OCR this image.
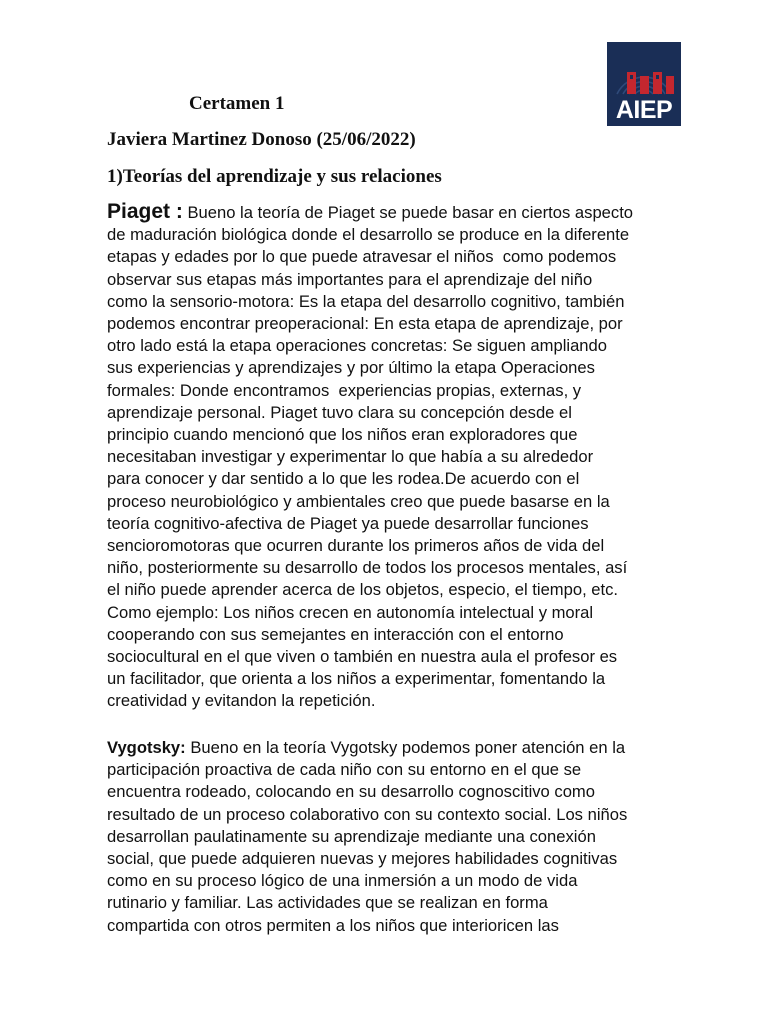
AIEP
Certamen 1
Javiera Martinez Donoso (25/06/2022)
1)Teorías del aprendizaje y sus relaciones
Piaget : Bueno la teoría de Piaget se puede basar en ciertos aspecto
de maduración biológica donde el desarrollo se produce en la diferente
etapas y edades por lo que puede atravesar el niños  como podemos
observar sus etapas más importantes para el aprendizaje del niño
como la sensorio-motora: Es la etapa del desarrollo cognitivo, también
podemos encontrar preoperacional: En esta etapa de aprendizaje, por
otro lado está la etapa operaciones concretas: Se siguen ampliando
sus experiencias y aprendizajes y por último la etapa Operaciones
formales: Donde encontramos  experiencias propias, externas, y
aprendizaje personal. Piaget tuvo clara su concepción desde el
principio cuando mencionó que los niños eran exploradores que
necesitaban investigar y experimentar lo que había a su alrededor
para conocer y dar sentido a lo que les rodea.De acuerdo con el
proceso neurobiológico y ambientales creo que puede basarse en la
teoría cognitivo-afectiva de Piaget ya puede desarrollar funciones
sencioromotoras que ocurren durante los primeros años de vida del
niño, posteriormente su desarrollo de todos los procesos mentales, así
el niño puede aprender acerca de los objetos, especio, el tiempo, etc.
Como ejemplo: Los niños crecen en autonomía intelectual y moral
cooperando con sus semejantes en interacción con el entorno
sociocultural en el que viven o también en nuestra aula el profesor es
un facilitador, que orienta a los niños a experimentar, fomentando la
creatividad y evitandon la repetición.
Vygotsky: Bueno en la teoría Vygotsky podemos poner atención en la
participación proactiva de cada niño con su entorno en el que se
encuentra rodeado, colocando en su desarrollo cognoscitivo como
resultado de un proceso colaborativo con su contexto social. Los niños
desarrollan paulatinamente su aprendizaje mediante una conexión
social, que puede adquieren nuevas y mejores habilidades cognitivas
como en su proceso lógico de una inmersión a un modo de vida
rutinario y familiar. Las actividades que se realizan en forma
compartida con otros permiten a los niños que interioricen las
